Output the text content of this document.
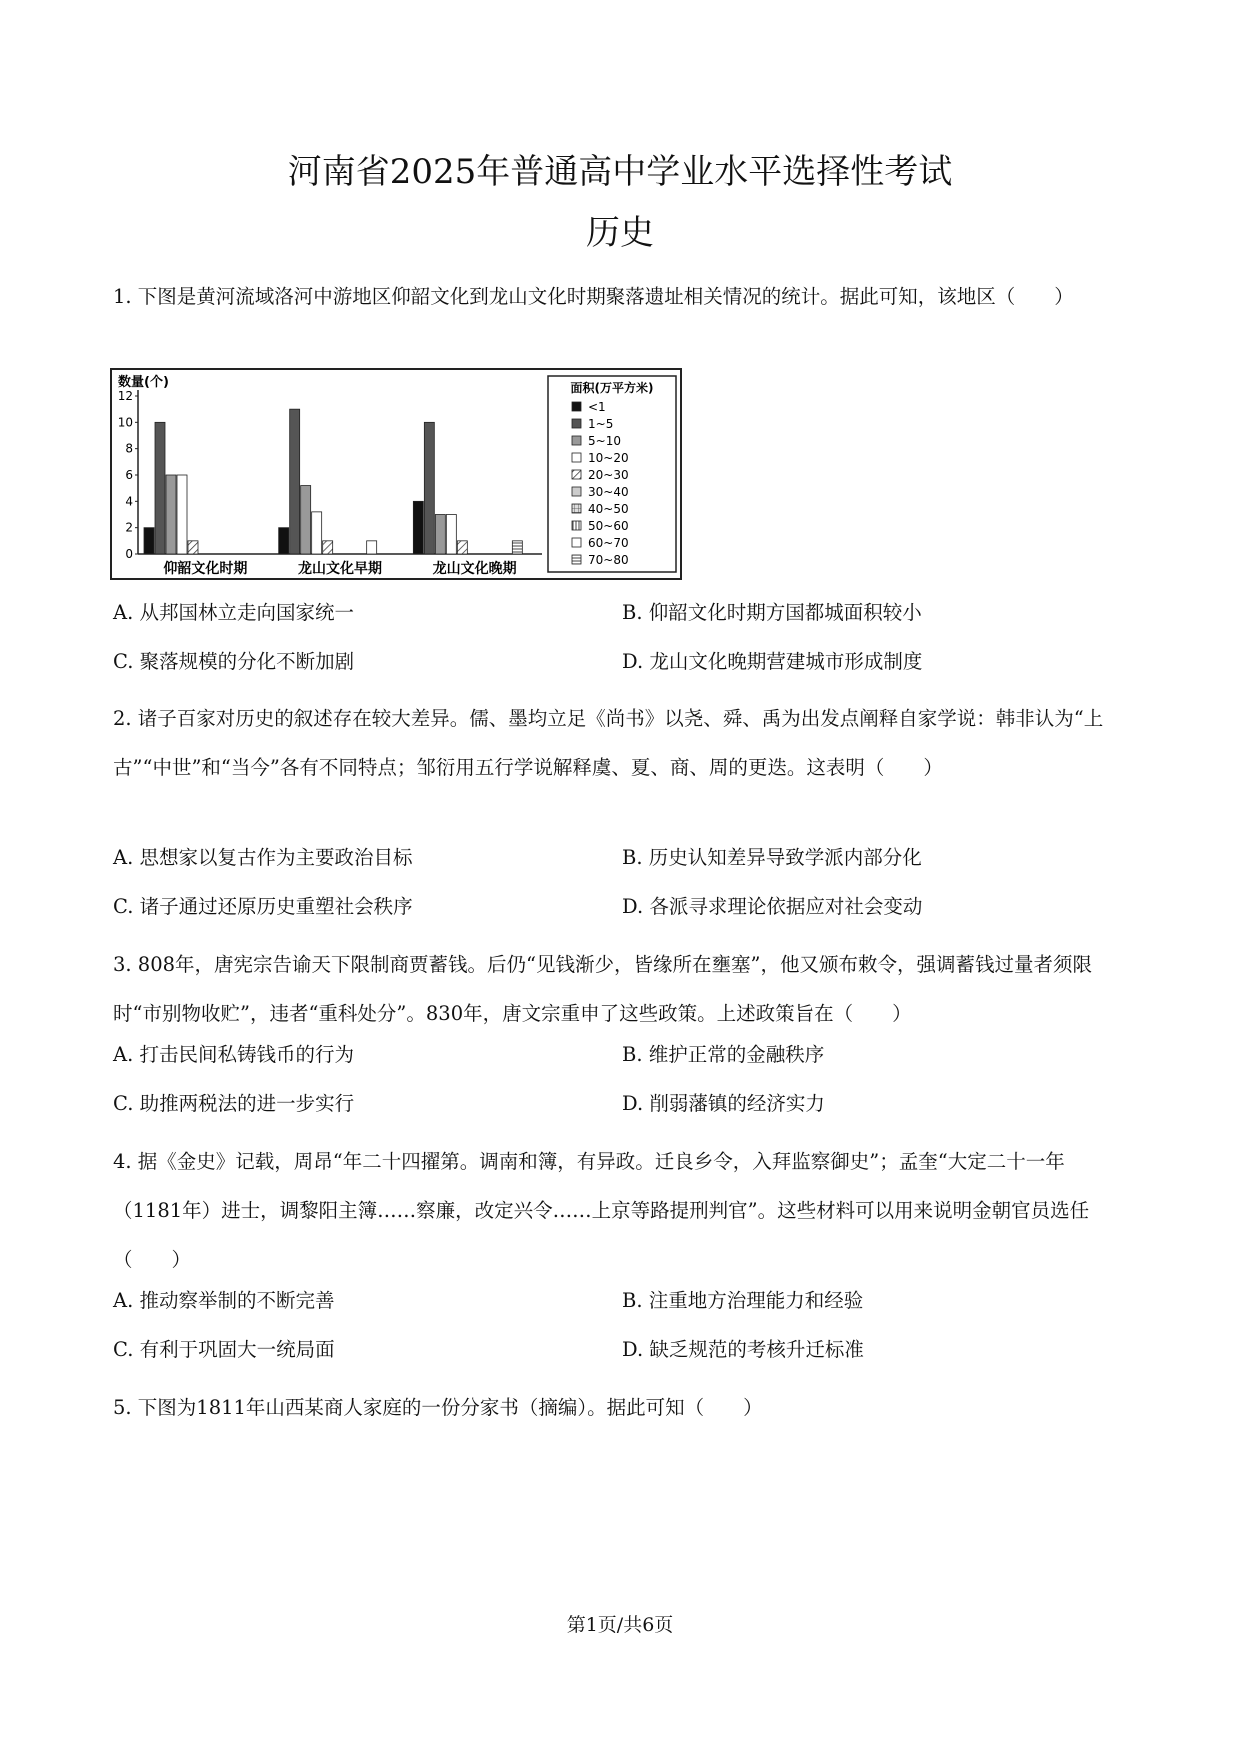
河南省2025年普通高中学业水平选择性考试
历史
1. 下图是黄河流域洛河中游地区仰韶文化到龙山文化时期聚落遗址相关情况的统计。据此可知，该地区（　　）
数量(个)
0
2
4
6
8
10
12
仰韶文化时期	龙山文化早期	龙山文化晚期
面积(万平方米)
<1
1~5
5~10
10~20
20~30
30~40
40~50
50~60
60~70
70~80
A. 从邦国林立走向国家统一	B. 仰韶文化时期方国都城面积较小
C. 聚落规模的分化不断加剧	D. 龙山文化晚期营建城市形成制度
2. 诸子百家对历史的叙述存在较大差异。儒、墨均立足《尚书》以尧、舜、禹为出发点阐释自家学说：韩非认为“上古”“中世”和“当今”各有不同特点；邹衍用五行学说解释虞、夏、商、周的更迭。这表明（　　）
A. 思想家以复古作为主要政治目标	B. 历史认知差异导致学派内部分化
C. 诸子通过还原历史重塑社会秩序	D. 各派寻求理论依据应对社会变动
3. 808年，唐宪宗告谕天下限制商贾蓄钱。后仍“见钱渐少，皆缘所在壅塞”，他又颁布敕令，强调蓄钱过量者须限时“市别物收贮”，违者“重科处分”。830年，唐文宗重申了这些政策。上述政策旨在（　　）
A. 打击民间私铸钱币的行为	B. 维护正常的金融秩序
C. 助推两税法的进一步实行	D. 削弱藩镇的经济实力
4. 据《金史》记载，周昂“年二十四擢第。调南和簿，有异政。迁良乡令，入拜监察御史”；孟奎“大定二十一年（1181年）进士，调黎阳主簿……察廉，改定兴令……上京等路提刑判官”。这些材料可以用来说明金朝官员选任（　　）
A. 推动察举制的不断完善	B. 注重地方治理能力和经验
C. 有利于巩固大一统局面	D. 缺乏规范的考核升迁标准
5. 下图为1811年山西某商人家庭的一份分家书（摘编）。据此可知（　　）
第1页/共6页
